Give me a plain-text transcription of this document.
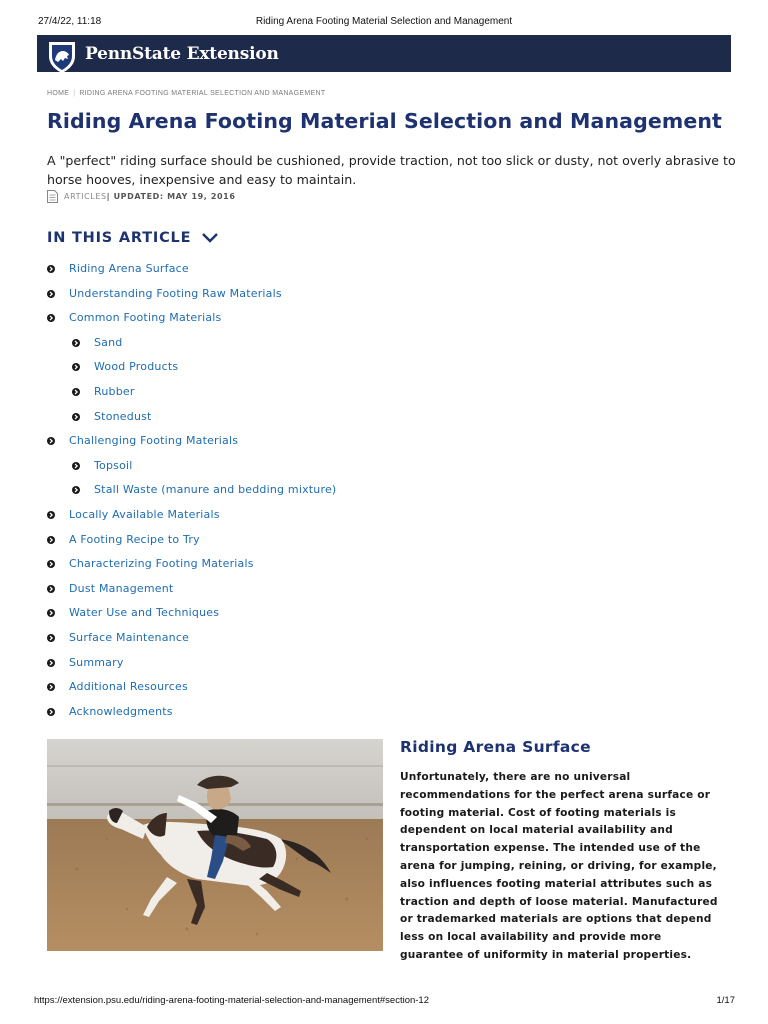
27/4/22, 11:18	Riding Arena Footing Material Selection and Management
PennState Extension
HOME | RIDING ARENA FOOTING MATERIAL SELECTION AND MANAGEMENT
Riding Arena Footing Material Selection and Management

A "perfect" riding surface should be cushioned, provide traction, not too slick or dusty, not overly abrasive to horse hooves, inexpensive and easy to maintain.

ARTICLES | UPDATED: MAY 19, 2016
IN THIS ARTICLE
Riding Arena Surface
Understanding Footing Raw Materials
Common Footing Materials
Sand
Wood Products
Rubber
Stonedust
Challenging Footing Materials
Topsoil
Stall Waste (manure and bedding mixture)
Locally Available Materials
A Footing Recipe to Try
Characterizing Footing Materials
Dust Management
Water Use and Techniques
Surface Maintenance
Summary
Additional Resources
Acknowledgments
Riding Arena Surface

Unfortunately, there are no universal recommendations for the perfect arena surface or footing material. Cost of footing materials is dependent on local material availability and transportation expense. The intended use of the arena for jumping, reining, or driving, for example, also influences footing material attributes such as traction and depth of loose material. Manufactured or trademarked materials are options that depend less on local availability and provide more guarantee of uniformity in material properties.

https://extension.psu.edu/riding-arena-footing-material-selection-and-management#section-12	1/17
